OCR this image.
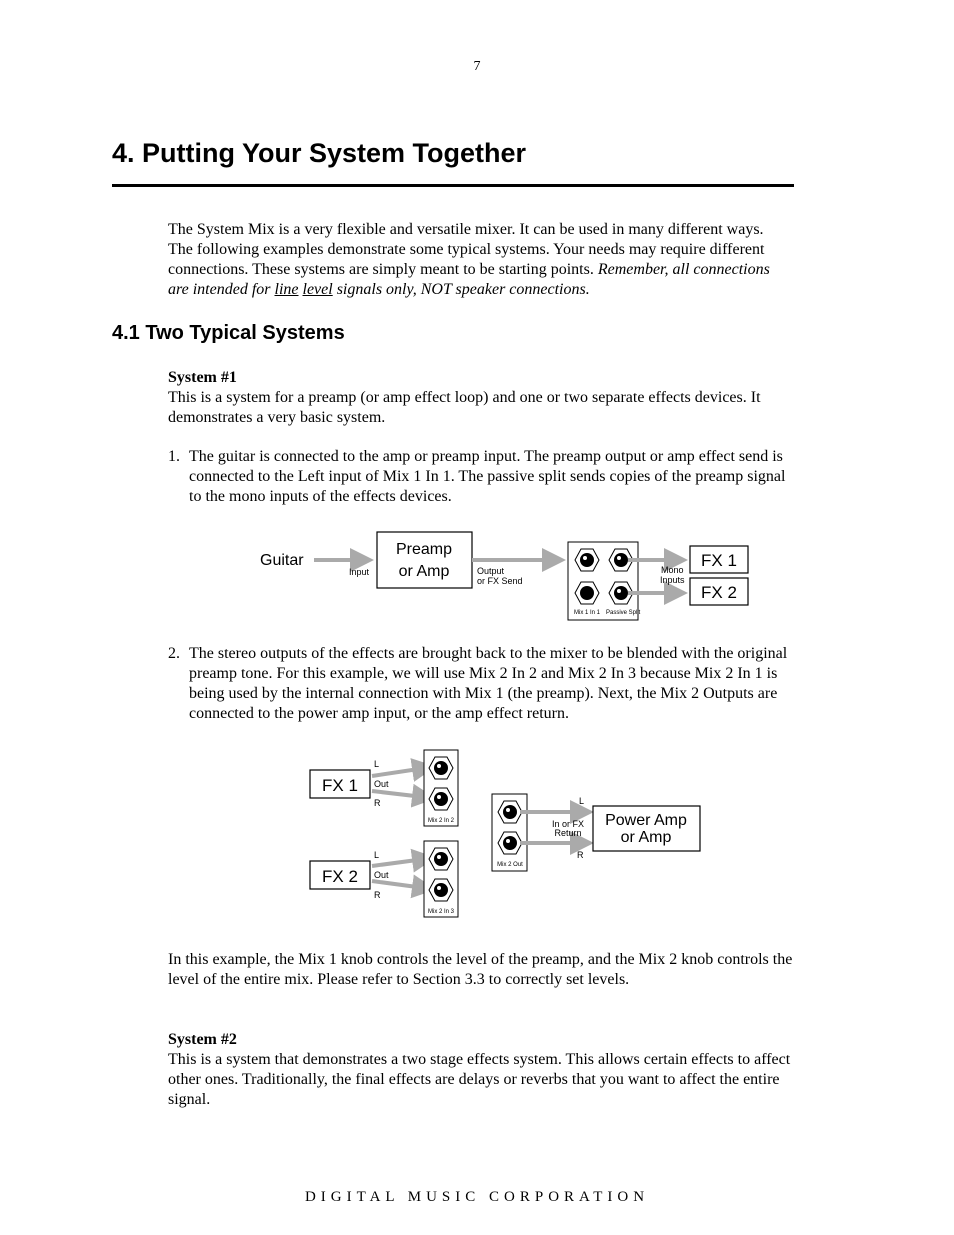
7
4. Putting Your System Together
The System Mix is a very flexible and versatile mixer. It can be used in many different ways.
The following examples demonstrate some typical systems. Your needs may require different
connections. These systems are simply meant to be starting points. Remember, all connections
are intended for line level signals only, NOT speaker connections.
4.1 Two Typical Systems
System #1
This is a system for a preamp (or amp effect loop) and one or two separate effects devices. It
demonstrates a very basic system.
1. The guitar is connected to the amp or preamp input. The preamp output or amp effect send is
connected to the Left input of Mix 1 In 1. The passive split sends copies of the preamp signal
to the mono inputs of the effects devices.
Guitar
Input
Preamp
or Amp	Output
or FX Send
Mix 1 In 1 Passive Split
Mono
Inputs
FX 1
FX 2
2. The stereo outputs of the effects are brought back to the mixer to be blended with the original
preamp tone. For this example, we will use Mix 2 In 2 and Mix 2 In 3 because Mix 2 In 1 is
being used by the internal connection with Mix 1 (the preamp). Next, the Mix 2 Outputs are
connected to the power amp input, or the amp effect return.
FX 1
L
Out
R
Mix 2 In 2
FX 2
L
Out
R
Mix 2 In 3
Mix 2 Out
L
In or FX
Return
R
Power Amp
or Amp
In this example, the Mix 1 knob controls the level of the preamp, and the Mix 2 knob controls the
level of the entire mix. Please refer to Section 3.3 to correctly set levels.
System #2
This is a system that demonstrates a two stage effects system. This allows certain effects to affect
other ones. Traditionally, the final effects are delays or reverbs that you want to affect the entire
signal.
DIGITAL MUSIC CORPORATION
